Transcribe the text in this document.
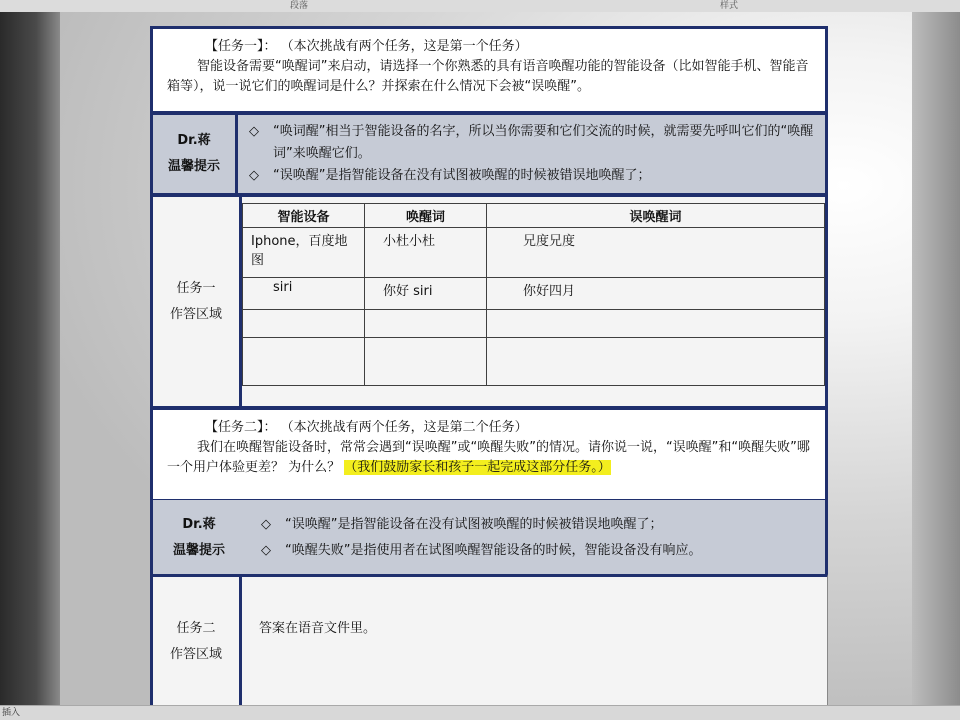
段落	样式
【任务一】： （本次挑战有两个任务，这是第一个任务）
智能设备需要“唤醒词”来启动，请选择一个你熟悉的具有语音唤醒功能的智能设备（比如智能手机、智能音箱等），说一说它们的唤醒词是什么？并探索在什么情况下会被“误唤醒”。
Dr.蒋
温馨提示
◇ “唤词醒”相当于智能设备的名字，所以当你需要和它们交流的时候，就需要先呼叫它们的“唤醒词”来唤醒它们。
◇ “误唤醒”是指智能设备在没有试图被唤醒的时候被错误地唤醒了；
任务一
作答区域
智能设备	唤醒词	误唤醒词
Iphone，百度地图	小杜小杜	兄度兄度
siri	你好 siri	你好四月

【任务二】： （本次挑战有两个任务，这是第二个任务）
我们在唤醒智能设备时，常常会遇到“误唤醒”或“唤醒失败”的情况。请你说一说，“误唤醒”和“唤醒失败”哪一个用户体验更差？ 为什么？ （我们鼓励家长和孩子一起完成这部分任务。）
Dr.蒋
温馨提示
◇ “误唤醒”是指智能设备在没有试图被唤醒的时候被错误地唤醒了；
◇ “唤醒失败”是指使用者在试图唤醒智能设备的时候，智能设备没有响应。
任务二
作答区域
答案在语音文件里。
插入
